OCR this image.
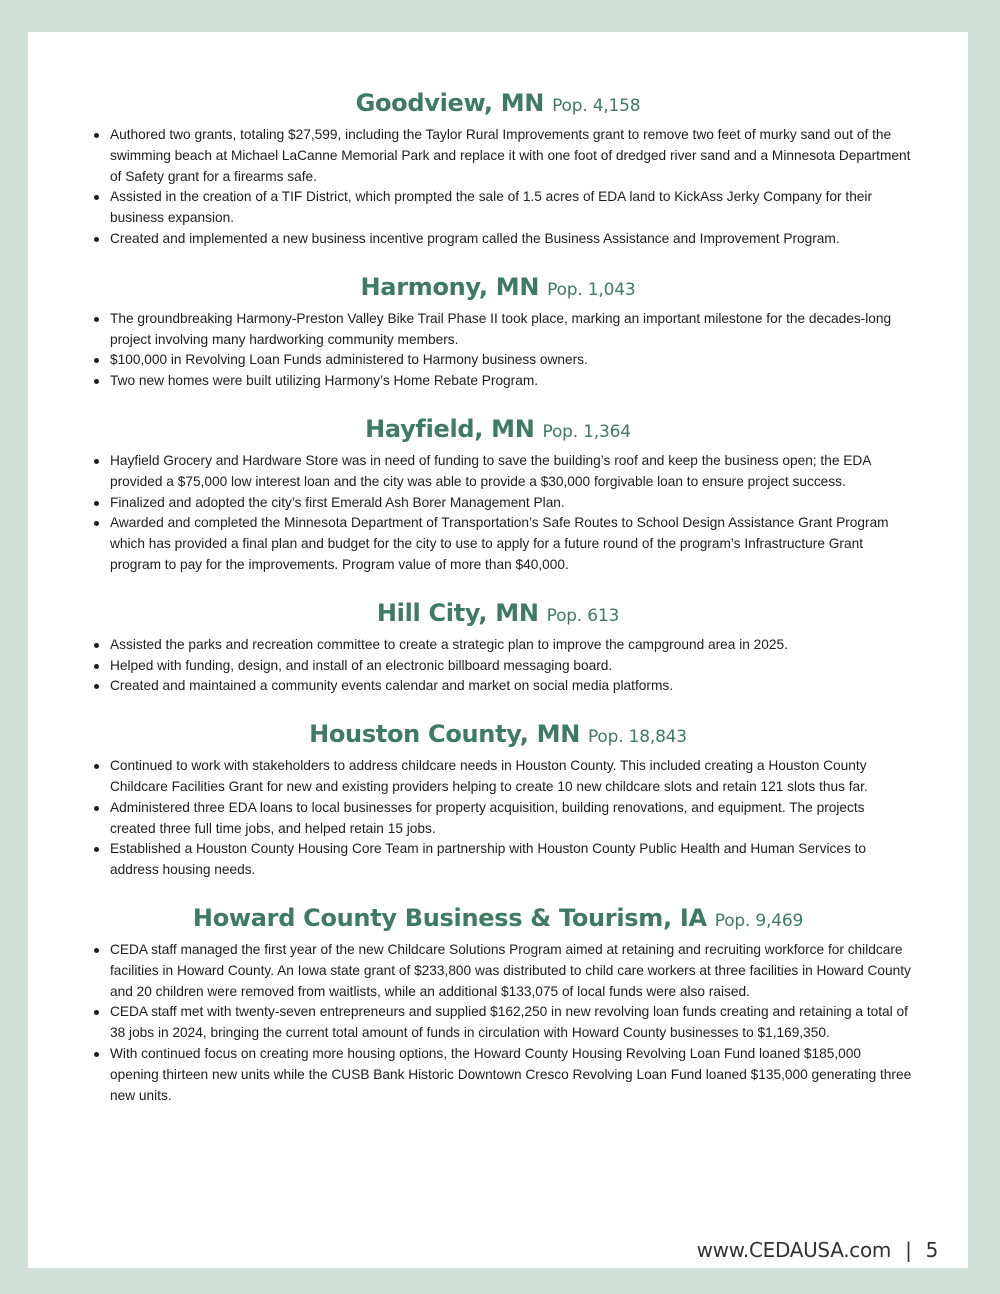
Goodview, MN Pop. 4,158
Authored two grants, totaling $27,599, including the Taylor Rural Improvements grant to remove two feet of murky sand out of the swimming beach at Michael LaCanne Memorial Park and replace it with one foot of dredged river sand and a Minnesota Department of Safety grant for a firearms safe.
Assisted in the creation of a TIF District, which prompted the sale of 1.5 acres of EDA land to KickAss Jerky Company for their business expansion.
Created and implemented a new business incentive program called the Business Assistance and Improvement Program.
Harmony, MN Pop. 1,043
The groundbreaking Harmony-Preston Valley Bike Trail Phase II took place, marking an important milestone for the decades-long project involving many hardworking community members.
$100,000 in Revolving Loan Funds administered to Harmony business owners.
Two new homes were built utilizing Harmony’s Home Rebate Program.
Hayfield, MN Pop. 1,364
Hayfield Grocery and Hardware Store was in need of funding to save the building’s roof and keep the business open; the EDA provided a $75,000 low interest loan and the city was able to provide a $30,000 forgivable loan to ensure project success.
Finalized and adopted the city’s first Emerald Ash Borer Management Plan.
Awarded and completed the Minnesota Department of Transportation’s Safe Routes to School Design Assistance Grant Program which has provided a final plan and budget for the city to use to apply for a future round of the program’s Infrastructure Grant program to pay for the improvements. Program value of more than $40,000.
Hill City, MN Pop. 613
Assisted the parks and recreation committee to create a strategic plan to improve the campground area in 2025.
Helped with funding, design, and install of an electronic billboard messaging board.
Created and maintained a community events calendar and market on social media platforms.
Houston County, MN Pop. 18,843
Continued to work with stakeholders to address childcare needs in Houston County. This included creating a Houston County Childcare Facilities Grant for new and existing providers helping to create 10 new childcare slots and retain 121 slots thus far.
Administered three EDA loans to local businesses for property acquisition, building renovations, and equipment. The projects created three full time jobs, and helped retain 15 jobs.
Established a Houston County Housing Core Team in partnership with Houston County Public Health and Human Services to address housing needs.
Howard County Business & Tourism, IA Pop. 9,469
CEDA staff managed the first year of the new Childcare Solutions Program aimed at retaining and recruiting workforce for childcare facilities in Howard County. An Iowa state grant of $233,800 was distributed to child care workers at three facilities in Howard County and 20 children were removed from waitlists, while an additional $133,075 of local funds were also raised.
CEDA staff met with twenty-seven entrepreneurs and supplied $162,250 in new revolving loan funds creating and retaining a total of 38 jobs in 2024, bringing the current total amount of funds in circulation with Howard County businesses to $1,169,350.
With continued focus on creating more housing options, the Howard County Housing Revolving Loan Fund loaned $185,000 opening thirteen new units while the CUSB Bank Historic Downtown Cresco Revolving Loan Fund loaned $135,000 generating three new units.
www.CEDAUSA.com | 5
